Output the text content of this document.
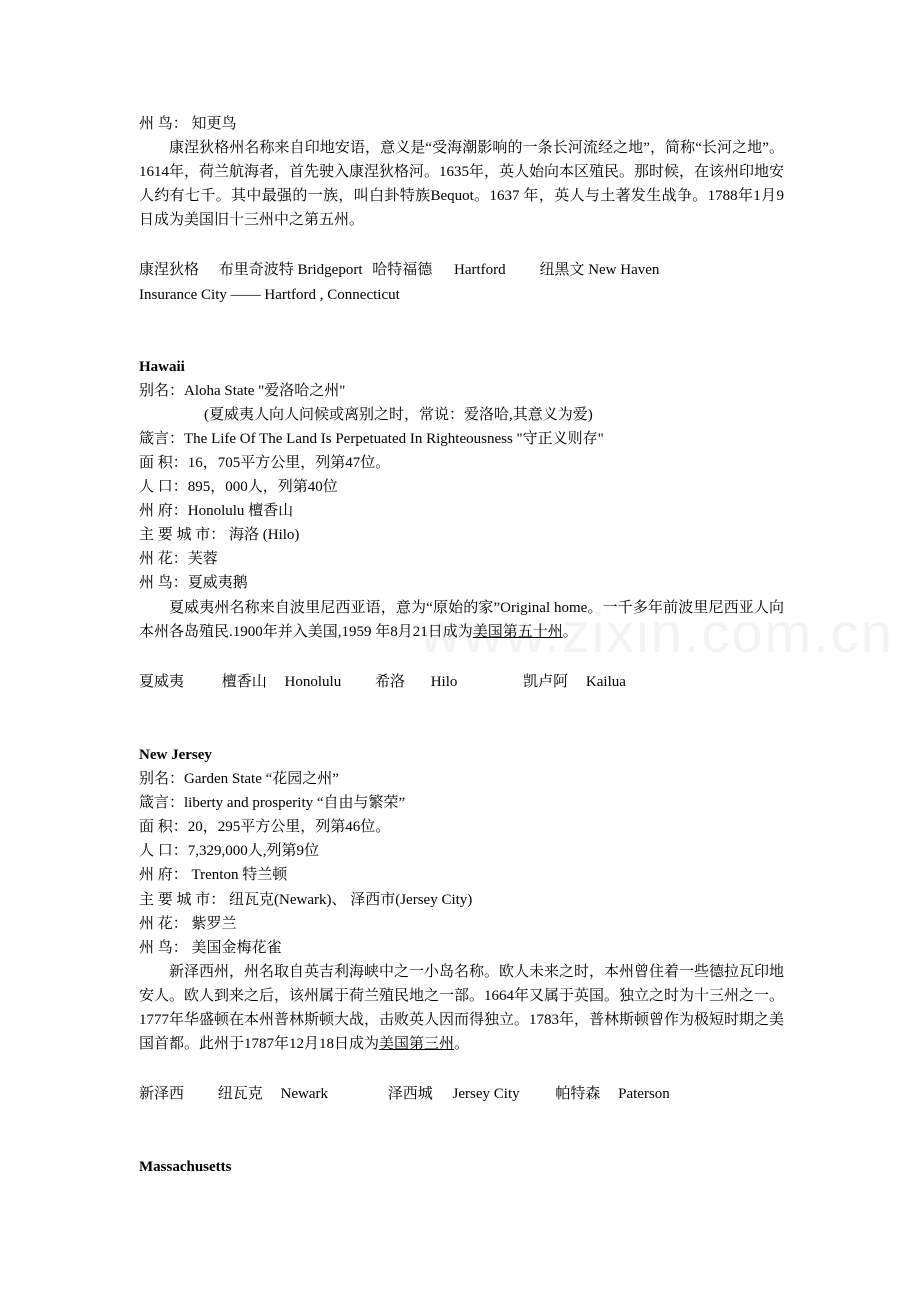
州 鸟： 知更鸟
康涅狄格州名称来自印地安语，意义是“受海潮影响的一条长河流经之地”，简称“长河之地”。1614年，荷兰航海者，首先驶入康涅狄格河。1635年，英人始向本区殖民。那时候，在该州印地安人约有七千。其中最强的一族，叫白卦特族Bequot。1637 年，英人与土著发生战争。1788年1月9日成为美国旧十三州中之第五州。
康涅狄格 布里奇波特 Bridgeport 哈特福德 Hartford 纽黑文 New Haven
Insurance City —— Hartford , Connecticut
Hawaii
别名：Aloha State "爱洛哈之州"
(夏威夷人向人问候或离别之时，常说：爱洛哈,其意义为爱)
箴言：The Life Of The Land Is Perpetuated In Righteousness "守正义则存"
面 积：16，705平方公里，列第47位。
人 口：895，000人，列第40位
州 府：Honolulu 檀香山
主 要 城 市： 海洛 (Hilo)
州 花：芙蓉
州 鸟：夏威夷鹅
夏威夷州名称来自波里尼西亚语，意为“原始的家”Original home。一千多年前波里尼西亚人向本州各岛殖民.1900年并入美国,1959 年8月21日成为美国第五十州。
夏威夷	檀香山 Honolulu 希洛 Hilo	凯卢阿 Kailua
New Jersey
别名：Garden State “花园之州”
箴言：liberty and prosperity “自由与繁荣”
面 积：20，295平方公里，列第46位。
人 口：7,329,000人,列第9位
州 府： Trenton 特兰顿
主 要 城 市： 纽瓦克(Newark)、 泽西市(Jersey City)
州 花： 紫罗兰
州 鸟： 美国金梅花雀
新泽西州，州名取自英吉利海峡中之一小岛名称。欧人未来之时，本州曾住着一些德拉瓦印地安人。欧人到来之后，该州属于荷兰殖民地之一部。1664年又属于英国。独立之时为十三州之一。1777年华盛顿在本州普林斯顿大战，击败英人因而得独立。1783年，普林斯顿曾作为极短时期之美国首都。此州于1787年12月18日成为美国第三州。
新泽西 纽瓦克 Newark	泽西城 Jersey City 帕特森 Paterson
Massachusetts
